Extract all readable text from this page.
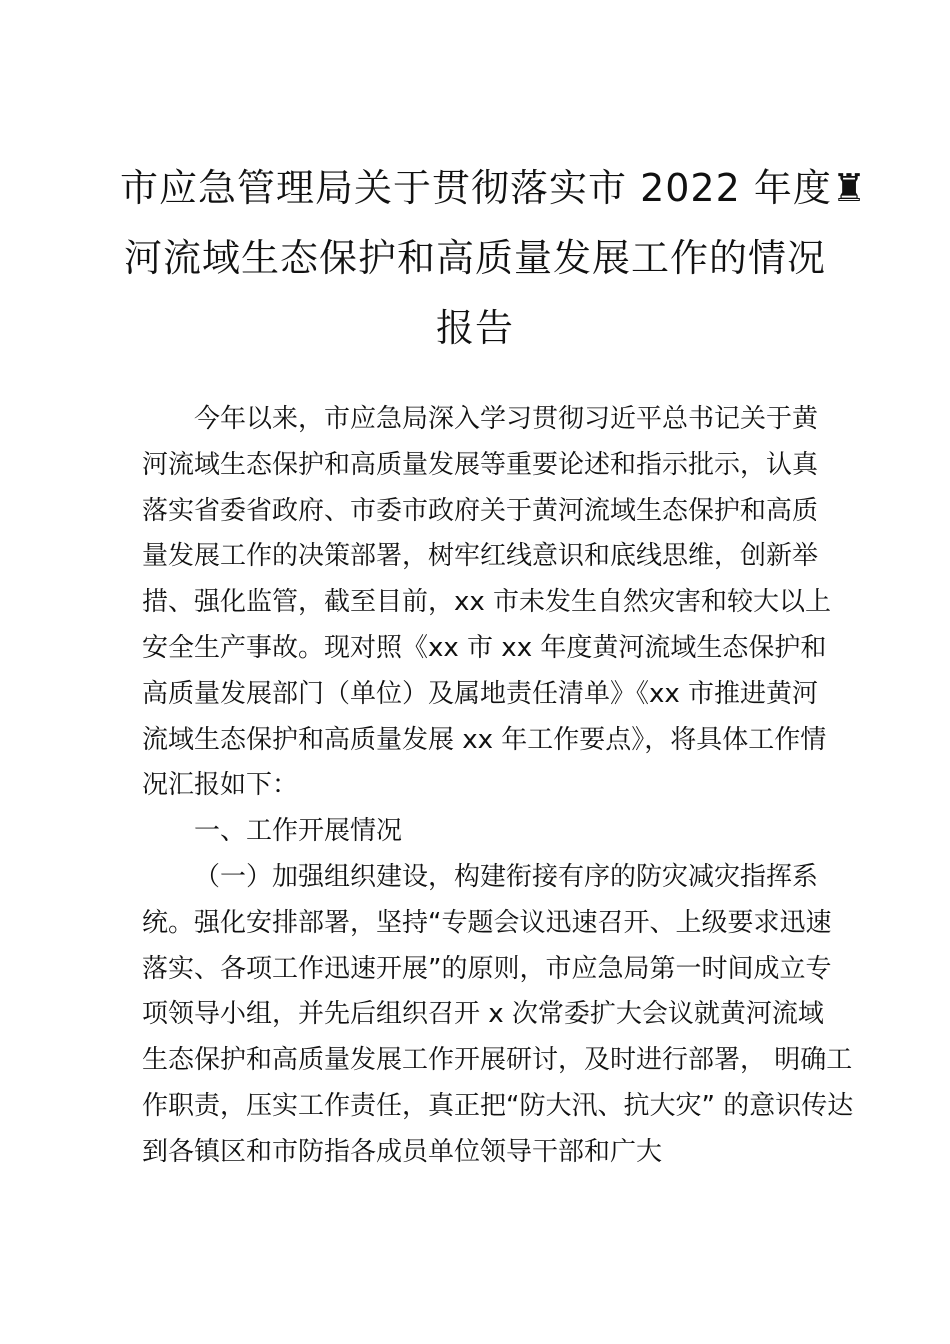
市应急管理局关于贯彻落实市 2022 年度♜
河流域生态保护和高质量发展工作的情况
报告
今年以来，市应急局深入学习贯彻习近平总书记关于黄
河流域生态保护和高质量发展等重要论述和指示批示，认真
落实省委省政府、市委市政府关于黄河流域生态保护和高质
量发展工作的决策部署，树牢红线意识和底线思维，创新举
措、强化监管，截至目前，xx 市未发生自然灾害和较大以上
安全生产事故。现对照《xx 市 xx 年度黄河流域生态保护和
高质量发展部门（单位）及属地责任清单》《xx 市推进黄河
流域生态保护和高质量发展 xx 年工作要点》，将具体工作情
况汇报如下：
一、工作开展情况
（一）加强组织建设，构建衔接有序的防灾减灾指挥系
统。强化安排部署，坚持“专题会议迅速召开、上级要求迅速
落实、各项工作迅速开展”的原则，市应急局第一时间成立专
项领导小组，并先后组织召开 x 次常委扩大会议就黄河流域
生态保护和高质量发展工作开展研讨，及时进行部署， 明确工
作职责，压实工作责任，真正把“防大汛、抗大灾” 的意识传达
到各镇区和市防指各成员单位领导干部和广大
